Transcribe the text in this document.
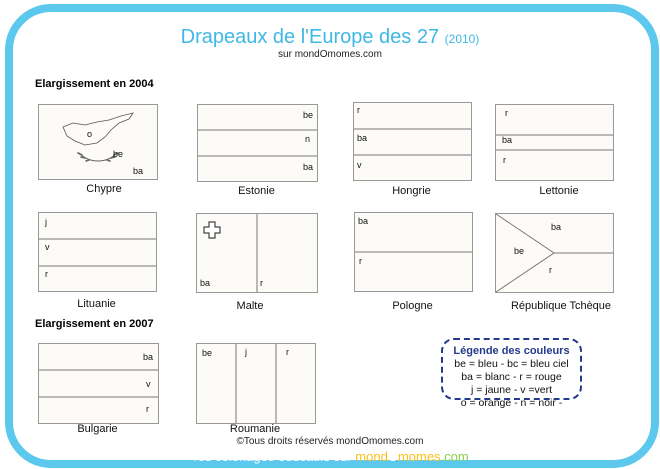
Drapeaux de l'Europe des 27 (2010)
sur mondOmomes.com
Elargissement en 2004
o
be
ba
Chypre
be
n
ba
Estonie
r
ba
v
Hongrie
r
ba
r
Lettonie
j
v
r
Lituanie
ba	r
Malte
ba
r
Pologne
ba
be
r
République Tchèque
Elargissement en 2007
ba
v
r
Bulgarie
be	j	r
Roumanie
Légende des couleurs
be = bleu - bc = bleu ciel
ba = blanc - r = rouge
j = jaune - v =vert
o = orange - n = noir -
©Tous droits réservés mondOmomes.com
Tes coloriages éducatifs sur mondOmomes.com
